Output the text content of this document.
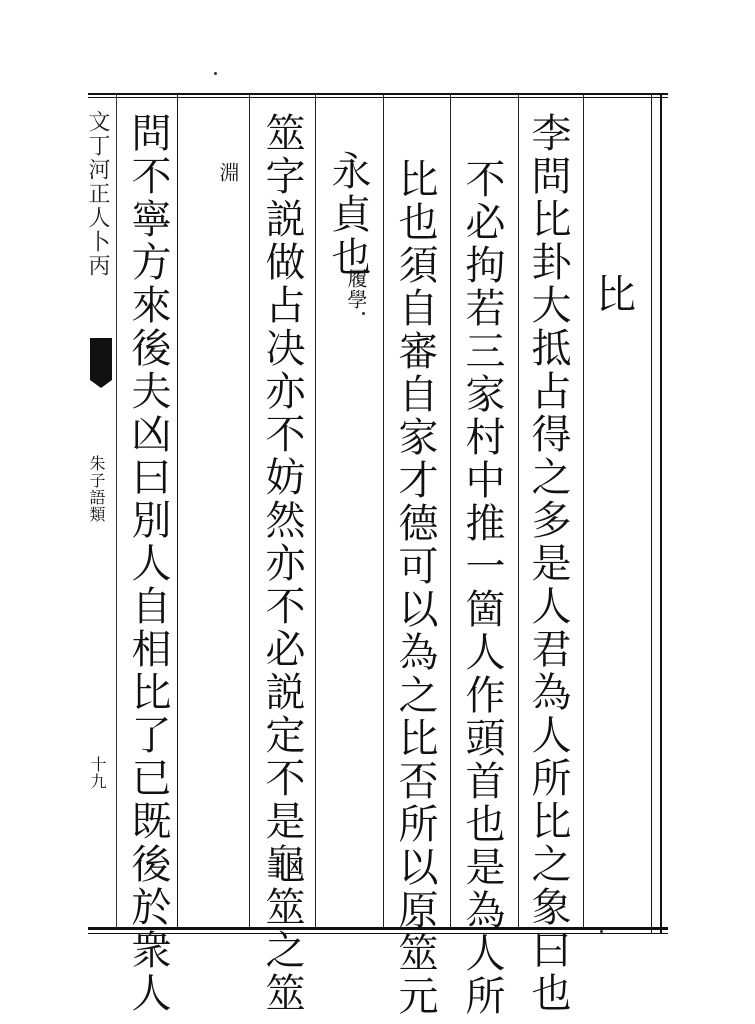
比
李問比卦大抵占得之多是人君為人所比之象曰也
不必拘若三家村中推一箇人作頭首也是為人所
比也須自審自家才德可以為之比否所以原筮元
永貞也
履學
筮字説做占决亦不妨然亦不必説定不是龜筮之筮
淵
問不寧方來後夫凶曰別人自相比了已既後於衆人
文丁河正人卜丙
朱子語類
十九
